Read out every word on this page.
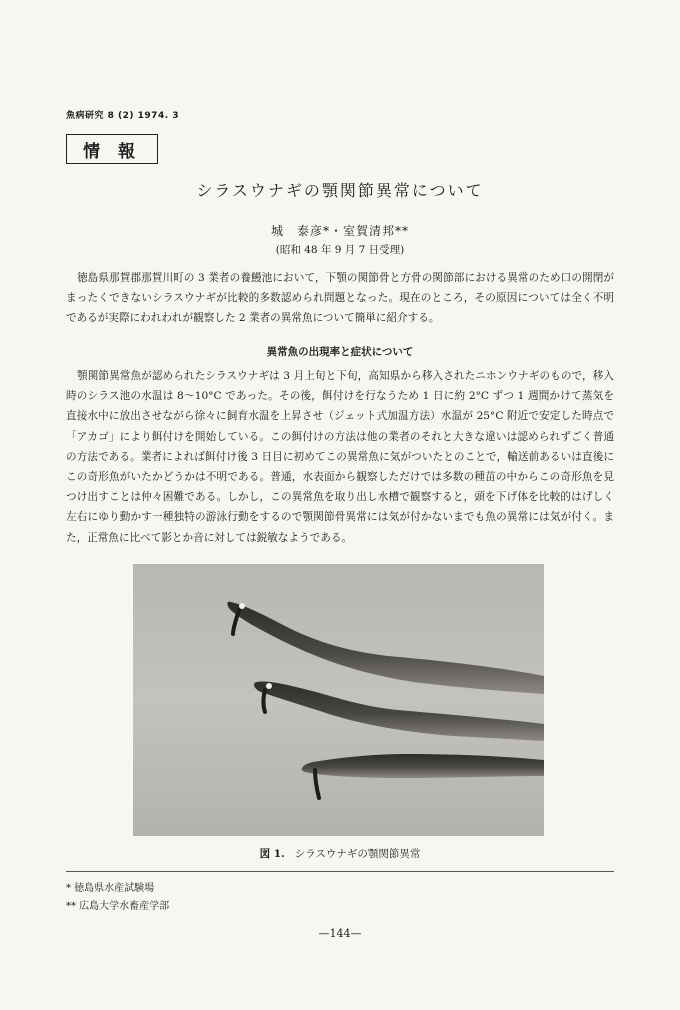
魚病研究 8 (2) 1974. 3
情報
シラスウナギの顎関節異常について
城　泰彦*・室賀清邦**
(昭和 48 年 9 月 7 日受理)

徳島県那賀郡那賀川町の 3 業者の養鰻池において，下顎の関節骨と方骨の関節部における異常のため口の開閉がまったくできないシラスウナギが比較的多数認められ問題となった。現在のところ，その原因については全く不明であるが実際にわれわれが観察した 2 業者の異常魚について簡単に紹介する。

異常魚の出現率と症状について

顎関節異常魚が認められたシラスウナギは 3 月上旬と下旬，高知県から移入されたニホンウナギのもので，移入時のシラス池の水温は 8～10°C であった。その後，餌付けを行なうため 1 日に約 2°C ずつ 1 週間かけて蒸気を直接水中に放出させながら徐々に飼育水温を上昇させ（ジェット式加温方法）水温が 25°C 附近で安定した時点で「アカゴ」により餌付けを開始している。この餌付けの方法は他の業者のそれと大きな違いは認められずごく普通の方法である。業者によれば餌付け後 3 日目に初めてこの異常魚に気がついたとのことで，輸送前あるいは直後にこの奇形魚がいたかどうかは不明である。普通，水表面から観察しただけでは多数の種苗の中からこの奇形魚を見つけ出すことは仲々困難である。しかし，この異常魚を取り出し水槽で観察すると，頭を下げ体を比較的はげしく左右にゆり動かす一種独特の游泳行動をするので顎関節骨異常には気が付かないまでも魚の異常には気が付く。また，正常魚に比べて影とか音に対しては鋭敏なようである。

図 1. シラスウナギの顎関節異常
* 徳島県水産試験場
** 広島大学水畜産学部
—144—
